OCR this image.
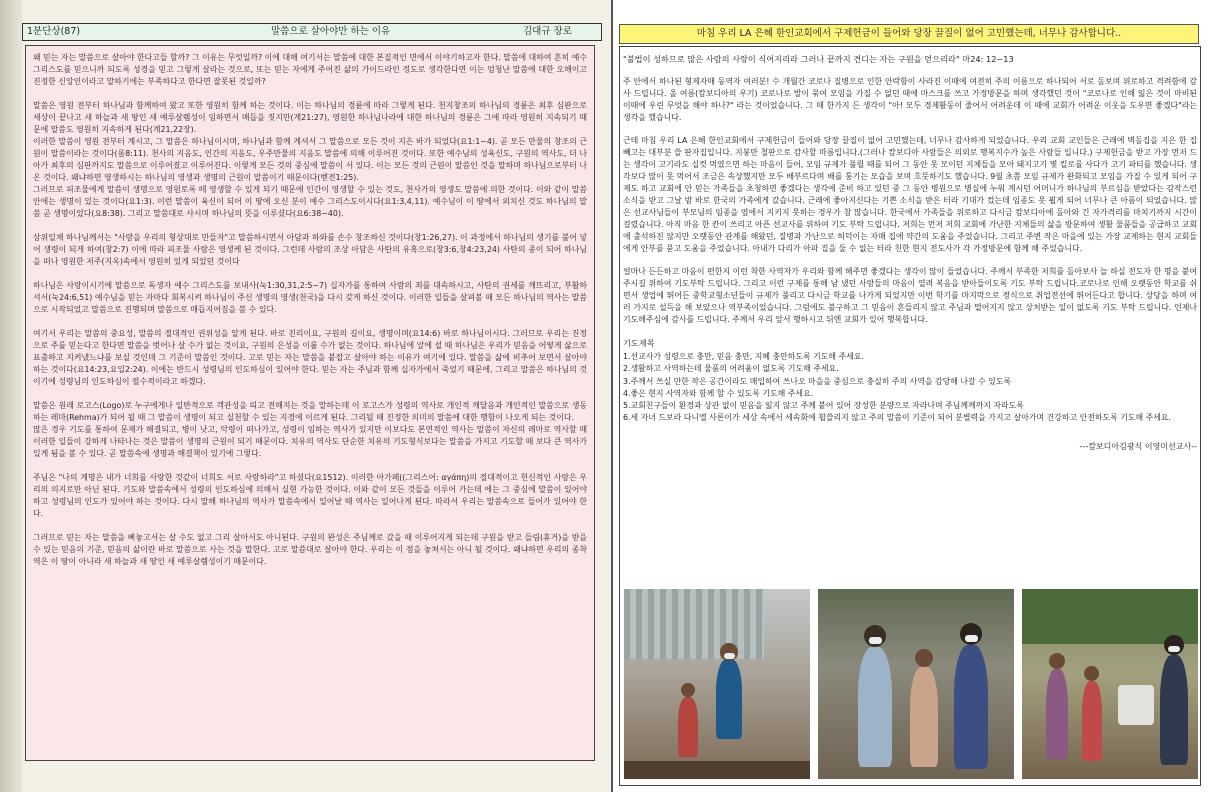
1분단상(87)	말씀으로 살아야만 하는 이유	김대규 장로

왜 믿는 자는 말씀으로 살아야 한다고들 할까? 그 이유는 무엇일까? 이에 대해 여기서는 말씀에 대한 본질적인 면에서 이야기하고자 한다. 말씀에 대하여 흔히 예수 그리스도를 믿으니까 되도록 성경을 믿고 그렇게 살라는 것으로, 또는 믿는 자에게 주어진 삶의 가이드라인 정도로 생각한다면 이는 엄청난 말씀에 대한 오해이고 진정한 신앙인이라고 말하기에는 부족하다고 한다면 잘못된 것일까?

말씀은 영원 전부터 하나님과 함께하여 왔고 또한 영원히 함께 하는 것이다. 이는 하나님의 경륜에 따라 그렇게 된다. 천지창조의 하나님의 경륜은 최후 심판으로 세상이 끝나고 새 하늘과 새 땅인 새 예루살렘성이 임하면서 매듭을 짓지만(계21:27), 영원한 하나님나라에 대한 하나님의 경륜은 그에 따라 영원히 지속되기 때문에 말씀도 영원히 지속하게 된다(계21,22장).
이러한 말씀이 영원 전부터 계시고, 그 말씀은 하나님이시며, 하나님과 함께 계셔서 그 말씀으로 모든 것이 지은 바가 되었다(요1:1~4). 곧 모든 만물의 창조의 근원이 말씀이라는 것이다(롬8:11). 천사의 지음도, 인간의 지음도, 우주만물의 지음도 말씀에 의해 이루어진 것이다. 또한 예수님의 성육신도, 구원의 역사도, 더 나아가 최후의 심판까지도 말씀으로 이루어졌고 이루어진다. 이렇게 모든 것의 중심에 말씀이 서 있다. 이는 모든 것의 근원이 말씀인 것을 말하며 하나님으로부터 나온 것이다. 왜냐하면 영생하시는 하나님의 영생과 생명의 근원이 말씀이기 때문이다(벧전1:25).
그러므로 피조물에게 말씀이 생명으로 영원토록 떼 영생할 수 있게 되기 때문에 인간이 영생할 수 있는 것도, 천사가의 영생도 말씀에 의한 것이다. 이와 같이 말씀안에는 생명이 있는 것이다(요1:3). 이런 말씀이 육신이 되어 이 땅에 오신 분이 예수 그리스도이시다(요1:3,4,11). 예수님이 이 땅에서 외치신 것도 하나님의 말씀 곧 생명이었다(요8:38). 그리고 말씀대로 사시며 하나님의 뜻을 이루셨다(요6:38~40).

삼위일체 하나님께서는 "사람을 우리의 형상대로 만들자"고 말씀하시면서 아담과 하와를 손수 창조하신 것이다(창1:26,27). 이 과정에서 하나님의 생기를 불어 넣어 생령이 되게 하여(창2:7) 이에 따라 피조물 사람은 영생케 된 것이다. 그런데 사람의 조상 아담은 사탄의 유혹으로(창3:6,창4:23,24) 사탄의 종이 되어 하나님을 떠나 영원한 저주(지옥)속에서 영원히 있게 되었던 것이다

하나님은 사랑이시기에 말씀으로 독생자 예수 그리스도를 보내사(눅1:30,31,2:5~7) 십자가를 통하여 사람의 죄를 대속하시고, 사탄의 권세를 깨뜨리고, 부활하셔서(눅24:6,51) 예수님을 믿는 자마다 회복시켜 하나님이 주신 생명의 영생(천국)을 다시 갖게 하신 것이다. 이러한 일들을 살펴볼 때 모든 하나님의 역사는 말씀으로 시작되었고 말씀으로 진행되며 말씀으로 매듭지어짐을 볼 수 있다.

여기서 우리는 말씀의 중요성, 말씀의 절대적인 권위성을 알게 된다. 바로 진리이요, 구원의 길이요, 생명이며(요14:6) 바로 하나님이시다. 그러므로 우리는 진정으로 주를 믿는다고 한다면 말씀을 벗어나 살 수가 없는 것이요, 구원의 은성을 이룰 수가 없는 것이다. 하나님에 앞에 설 때 하나님은 우리가 믿음을 어떻게 삶으로 표출하고 지켜냈느냐를 보실 것인데 그 기준이 말씀인 것이다. 고로 믿는 자는 말씀을 붙잡고 살아야 하는 이유가 여기에 있다. 말씀을 삶에 비추어 보면서 살아야 하는 것이다(요14:23,요일2:24). 이에는 반드시 성령님의 인도하심이 있어야 한다. 믿는 자는 주님과 함께 십자가에서 죽었기 때문에, 그리고 말씀은 하나님의 것이기에 성령님의 인도하심이 필수적이라고 하겠다.

말씀은 원래 로고스(Logo)로 누구에게나 일반적으로 객관성을 띠고 전해지는 것을 말하는데 이 로고스가 성령의 역사로 개인적 깨달음과 개인적인 말씀으로 생동하는 레마(Rehma)가 되어 될 때 그 말씀이 생명이 되고 실천할 수 있는 지경에 이르게 된다. 그리될 때 진정한 의미의 말씀에 대한 행함이 나오게 되는 것이다.
많은 경우 기도를 통하여 문제가 해결되고, 병이 낫고, 악령이 떠나가고, 성령이 임하는 역사가 있지만 이보다도 본연적인 역사는 말씀이 자신의 레마로 역사할 때 이러한 일들이 강하게 나타나는 것은 말씀이 생명의 근원이 되기 때문이다. 치유의 역사도 단순한 치유의 기도형식보다는 말씀을 가지고 기도할 때 보다 큰 역사가 있게 됨을 볼 수 있다. 곧 말씀속에 생명과 해결책이 있기에 그렇다.

주님은 "나의 계명은 내가 너희를 사랑한 것같이 너희도 서로 사랑하라"고 하셨다(요1512). 이러한 아가페((그리스어: αγάπη)의 절대적이고 헌신적인 사랑은 우리의 의지로만 아닌 된다. 기도와 말씀속에서 성령의 인도하심에 의해서 실현 가능한 것이다. 이와 같이 모든 것들을 이루어 가는데 에는 그 중심에 말씀이 있어야하고 성령님의 인도가 있어야 하는 것이다. 다시 말해 하나님의 역사가 말씀속에서 일어날 때 역사는 일어나게 된다. 따라서 우리는 말씀속으로 들어가 있어야 한다.

그러므로 믿는 자는 말씀을 삐놓고서는 살 수도 없고 그리 살아서도 아니된다. 구원의 완성은 주님께로 갔을 때 이루어지게 되는데 구원을 받고 들림(휴거)을 받을 수 있는 믿음의 기준, 믿음의 삶이란 바로 말씀으로 사는 것을 말한다. 고로 말씀대로 살아야 한다. 우리는 이 점을 놓쳐서는 아니 될 것이다. 왜냐하면 우리의 종착역은 이 땅이 아니라 새 하늘과 새 땅인 새 예루살렘성이기 때문이다.

마침 우리 LA 은혜 한인교회에서 구제헌금이 들어와 당장 끌질이 없어 고민했는데, 너무나 감사합니다..
"불법이 성하므로 많은 사람의 사랑이 식어지리라 그러나 끝까지 견디는 자는 구원을 얻으리라" 마24: 12~13

주 안에서 하나된 형제자매 동역자 여러분! 수 개월간 코로나 질병으로 인한 안락함이 사라진 이때에 여전히 주의 이름으로 하나되어 서로 돌보며 위로하고 격려함에 감사 드립니다. 올 여름(캄보디아의 우기) 코로나로 발이 묶여 모임을 가질 수 없던 때에 마스크를 쓰고 가정방문을 하며 생각했던 것이 "코로나로 인해 잃은 것이 마비된 이때에 우린 무엇을 해야 하나?" 라는 것이었습니다. 그 때 한가지 든 생각이 "아! 모두 경제활동이 줄어서 어려운데 이 때에 교회가 어려운 이웃을 도우면 좋겠다"라는 생각을 했습니다.

근데 마침 우리 LA 은혜 한인교회에서 구제헌금이 들어와 당장 끌질이 없어 고민했는데, 너무나 감사하게 되었습니다. 우리 교회 교인들은 근래에 벽돌집을 지은 한 집 빼고는 대부분 쓸 판자집입니다. 지붕만 철판으로 감사할 따름입니다.(그러나 캄보디아 사람들은 의외로 행복지수가 높은 사람들 입니다.) 구제헌금을 받고 가장 먼저 드는 생각이 고기라도 실컷 먹였으면 하는 마음이 들어, 모임 규제가 풀릴 때를 되어 그 동안 못 모이던 지체들을 모아 돼지고기 몇 킬로를 사다가 고기 파티를 했습니다. 생각보다 많이 못 먹어서 조금은 속상했지만 모두 배부르다며 배를 퉁기는 모습을 보며 흐뭇하기도 했습니다. 9월 초쯤 모임 규제가 완화되고 모임을 가질 수 있게 되어 구제도 하고 교회에 안 믿는 가족들을 초청하면 좋겠다는 생각에 준비 하고 있던 중 그 동안 병원으로 병실에 누워 계시던 어머니가 하나님의 부르심을 받았다는 감작스런 소식을 받고 그날 밤 바로 한국의 가족에게 갔습니다. 근래에 좋아지신다는 기쁜 소식을 받은 터라 기대가 컸는데 임종도 못 뵙게 되어 너무나 큰 아픔이 되었습니다. 많은 선교사님들이 부모님의 임종을 옆에서 지키지 못하는 경우가 참 많습니다. 한국에서 가족들을 위로하고 다시금 캄보디아에 돌아와 긴 자가격리를 마치기까지 시간이 걸렸습니다. 아직 마음 한 칸이 쓰리고 아픈 선교사를 위하여 기도 부탁 드립니다. 저희는 먼저 저희 교회에 가난한 지체들의 삶을 방문하여 생활 물품들을 공급하고 교회에 출석하진 않지만 오랫동안 관계를 해왔던, 질병과 가난으로 허덕이는 자매 집에 약간의 도움을 주었습니다. 그리고 주변 작은 마을에 있는 가장 교제하는 현지 교회들에게 안부를 묻고 도움을 주었습니다. 아내가 다리가 아파 집을 둘 수 없는 터라 친한 현지 전도사가 각 가정방문에 함께 해 주었습니다.

얼마나 든든하고 마음이 편한지 이런 착한 사역자가 우리와 함께 해주면 좋겠다는 생각이 많이 들었습니다. 주께서 부족한 저희를 돌아보사 늘 하실 전도자 한 명을 붙여주시길 위하여 기도부탁 드립니다. 그리고 이런 구제를 통해 남 냈던 사람들의 마음이 열려 복음을 받아들이도록 기도 부탁 드립니다.코로나로 인해 오랫동안 학교를 쉬면서 생업에 뛰어든 중학교형소년들이 규제가 풀리고 다시금 학교를 나가게 되었지만 이번 학기를 마지막으로 정식으로 취업전선에 뛰어든다고 합니다. 상당을 하며 여러 가지로 설득을 해 보았으나 역부족이었습니다. 그럼에도 불구하고 그 믿음이 흔들리지 않고 주님과 멀어지지 않고 상처받는 일이 없도록 기도 부탁 드립니다. 언제나 기도해주심에 감사를 드립니다. 주께서 우리 앞서 행하시고 뒤엔 교회가 있어 행복합니다.

기도제목
1.선교사가 성령으로 충만, 믿음 충만, 지혜 충만하도록 기도해 주세요.
2.생활하고 사역하는데 물품의 어려움이 없도록 기도해 주세요.
3.주께서 쓰실 만한 작은 공간이라도 매입하여 쓰나오 마을을 중심으로 충실히 주의 사역을 감당해 나갈 수 있도록
4.좋은 현지 사역자와 함께 할 수 있도록 기도해 주세요.
5.교회친구들이 환경과 상관 없이 믿음을 잃지 않고 주께 붙어 있어 장성한 분량으로 자라나며 주님께께까지 자라도록
6.세 자녀 드보라 다니엘 사론이가 세상 속에서 세속화에 휩쓸리지 않고 주의 말씀이 기준이 되어 분별력을 가지고 살아가며 건강하고 안전하도록 기도해 주세요.
---캄보디아김광식 이영미선교사--
